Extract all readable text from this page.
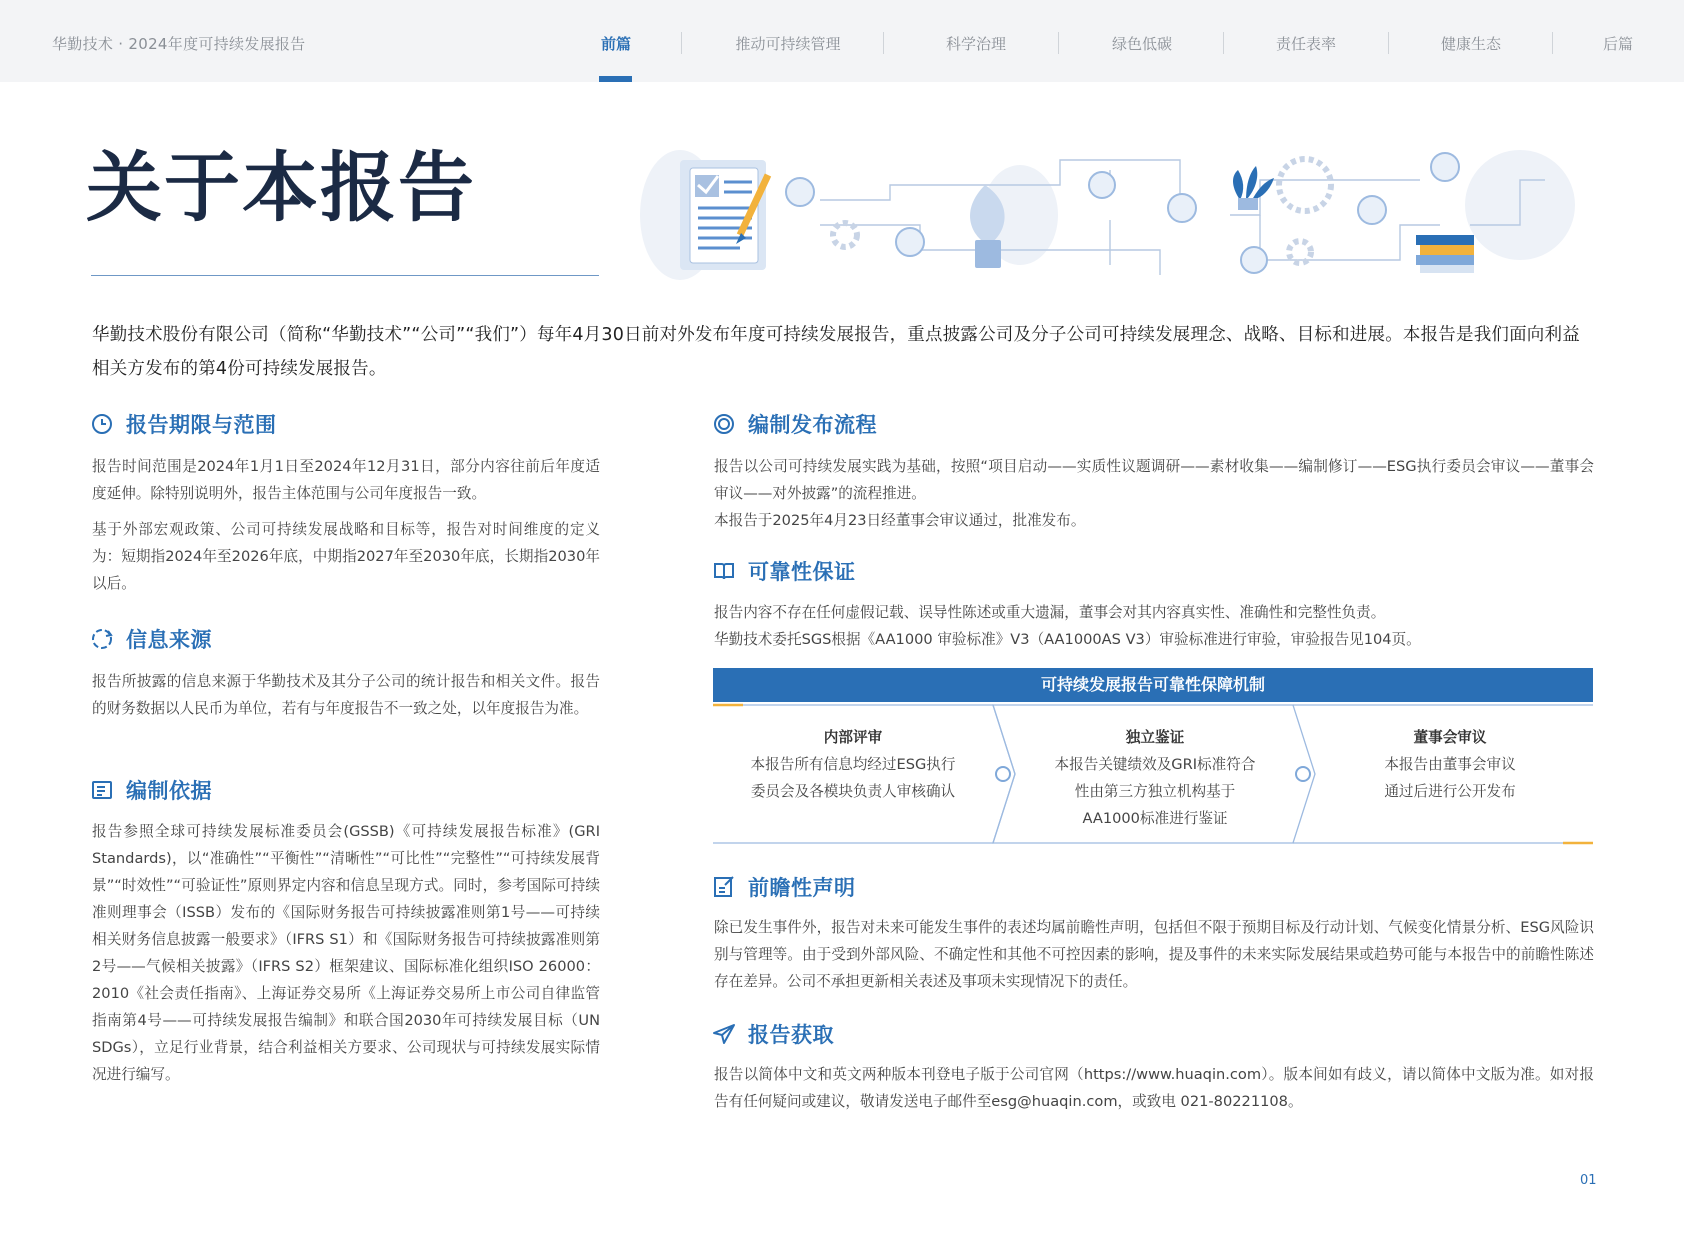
华勤技术 · 2024年度可持续发展报告	前篇	推动可持续管理	科学治理	绿色低碳	责任表率	健康生态	后篇
关于本报告
华勤技术股份有限公司（简称“华勤技术”“公司”“我们”）每年4月30日前对外发布年度可持续发展报告，重点披露公司及分子公司可持续发展理念、战略、目标和进展。本报告是我们面向利益相关方发布的第4份可持续发展报告。
报告期限与范围
报告时间范围是2024年1月1日至2024年12月31日，部分内容往前后年度适度延伸。除特别说明外，报告主体范围与公司年度报告一致。
基于外部宏观政策、公司可持续发展战略和目标等，报告对时间维度的定义为：短期指2024年至2026年底，中期指2027年至2030年底，长期指2030年以后。
信息来源
报告所披露的信息来源于华勤技术及其分子公司的统计报告和相关文件。报告的财务数据以人民币为单位，若有与年度报告不一致之处，以年度报告为准。
编制依据
报告参照全球可持续发展标准委员会(GSSB)《可持续发展报告标准》(GRI Standards)，以“准确性”“平衡性”“清晰性”“可比性”“完整性”“可持续发展背景”“时效性”“可验证性”原则界定内容和信息呈现方式。同时，参考国际可持续准则理事会（ISSB）发布的《国际财务报告可持续披露准则第1号——可持续相关财务信息披露一般要求》（IFRS S1）和《国际财务报告可持续披露准则第2号——气候相关披露》（IFRS S2）框架建议、国际标准化组织ISO 26000：2010《社会责任指南》、上海证券交易所《上海证券交易所上市公司自律监管指南第4号——可持续发展报告编制》和联合国2030年可持续发展目标（UN SDGs），立足行业背景，结合利益相关方要求、公司现状与可持续发展实际情况进行编写。
编制发布流程
报告以公司可持续发展实践为基础，按照“项目启动——实质性议题调研——素材收集——编制修订——ESG执行委员会审议——董事会审议——对外披露”的流程推进。
本报告于2025年4月23日经董事会审议通过，批准发布。
可靠性保证
报告内容不存在任何虚假记载、误导性陈述或重大遗漏，董事会对其内容真实性、准确性和完整性负责。
华勤技术委托SGS根据《AA1000 审验标准》V3（AA1000AS V3）审验标准进行审验，审验报告见104页。
可持续发展报告可靠性保障机制
内部评审
本报告所有信息均经过ESG执行
委员会及各模块负责人审核确认
独立鉴证
本报告关键绩效及GRI标准符合
性由第三方独立机构基于
AA1000标准进行鉴证
董事会审议
本报告由董事会审议
通过后进行公开发布
前瞻性声明
除已发生事件外，报告对未来可能发生事件的表述均属前瞻性声明，包括但不限于预期目标及行动计划、气候变化情景分析、ESG风险识别与管理等。由于受到外部风险、不确定性和其他不可控因素的影响，提及事件的未来实际发展结果或趋势可能与本报告中的前瞻性陈述存在差异。公司不承担更新相关表述及事项未实现情况下的责任。
报告获取
报告以简体中文和英文两种版本刊登电子版于公司官网（https://www.huaqin.com）。版本间如有歧义，请以简体中文版为准。如对报告有任何疑问或建议，敬请发送电子邮件至esg@huaqin.com，或致电 021-80221108。
01
